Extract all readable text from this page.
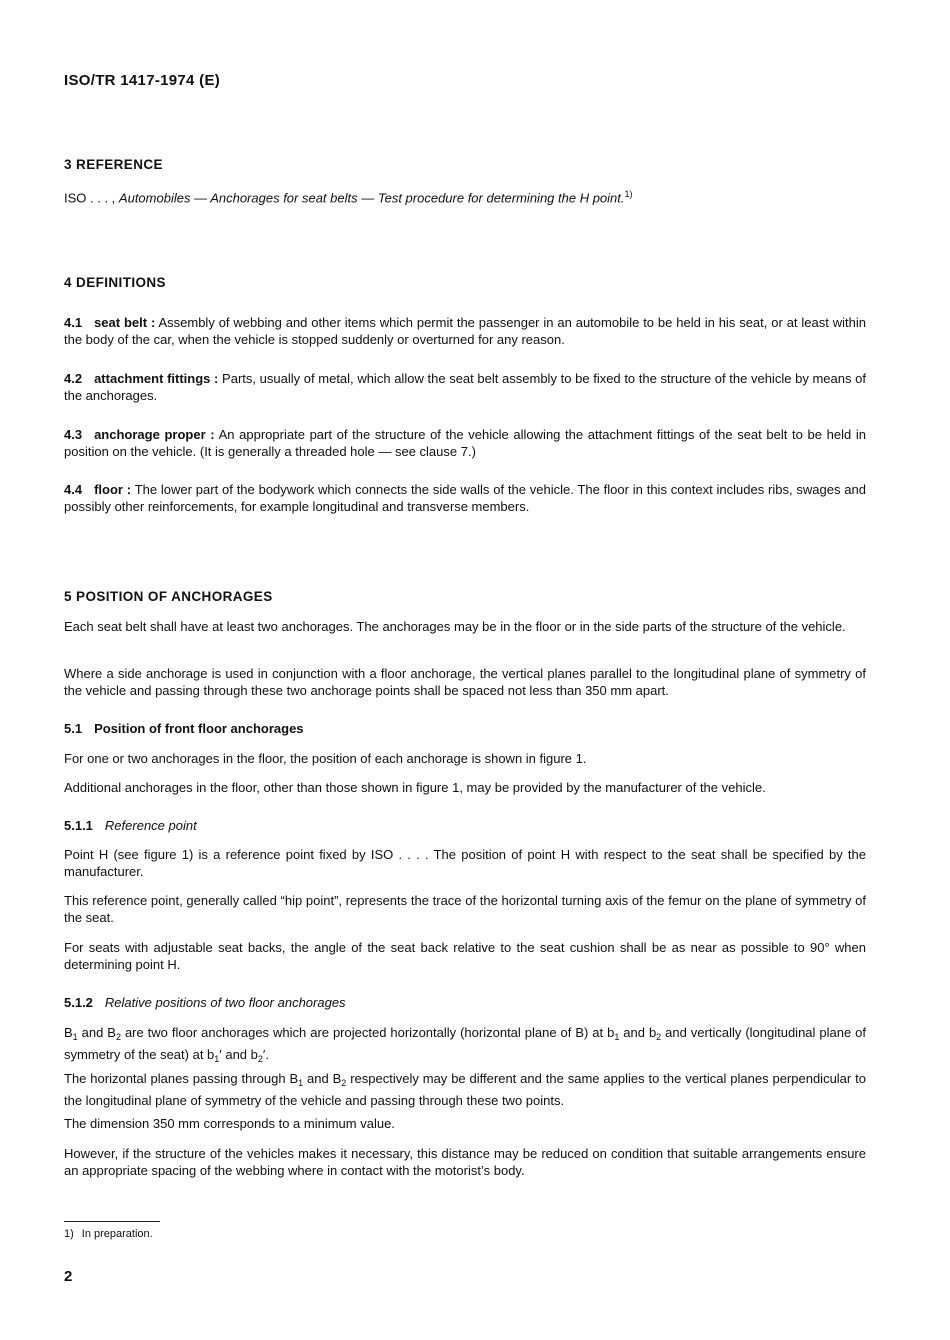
ISO/TR 1417-1974 (E)
3 REFERENCE
ISO . . . , Automobiles — Anchorages for seat belts — Test procedure for determining the H point.$^{1)}$
4 DEFINITIONS
4.1 seat belt : Assembly of webbing and other items which permit the passenger in an automobile to be held in his seat, or at least within the body of the car, when the vehicle is stopped suddenly or overturned for any reason.
4.2 attachment fittings : Parts, usually of metal, which allow the seat belt assembly to be fixed to the structure of the vehicle by means of the anchorages.
4.3 anchorage proper : An appropriate part of the structure of the vehicle allowing the attachment fittings of the seat belt to be held in position on the vehicle. (It is generally a threaded hole — see clause 7.)
4.4 floor : The lower part of the bodywork which connects the side walls of the vehicle. The floor in this context includes ribs, swages and possibly other reinforcements, for example longitudinal and transverse members.
5 POSITION OF ANCHORAGES
Each seat belt shall have at least two anchorages. The anchorages may be in the floor or in the side parts of the structure of the vehicle.
Where a side anchorage is used in conjunction with a floor anchorage, the vertical planes parallel to the longitudinal plane of symmetry of the vehicle and passing through these two anchorage points shall be spaced not less than 350 mm apart.
5.1 Position of front floor anchorages
For one or two anchorages in the floor, the position of each anchorage is shown in figure 1.
Additional anchorages in the floor, other than those shown in figure 1, may be provided by the manufacturer of the vehicle.
5.1.1 Reference point
Point H (see figure 1) is a reference point fixed by ISO . . . . The position of point H with respect to the seat shall be specified by the manufacturer.
This reference point, generally called “hip point”, represents the trace of the horizontal turning axis of the femur on the plane of symmetry of the seat.
For seats with adjustable seat backs, the angle of the seat back relative to the seat cushion shall be as near as possible to 90° when determining point H.
5.1.2 Relative positions of two floor anchorages
$B_1$ and $B_2$ are two floor anchorages which are projected horizontally (horizontal plane of B) at $b_1$ and $b_2$ and vertically (longitudinal plane of symmetry of the seat) at $b_1'$ and $b_2'$.
The horizontal planes passing through $B_1$ and $B_2$ respectively may be different and the same applies to the vertical planes perpendicular to the longitudinal plane of symmetry of the vehicle and passing through these two points.
The dimension 350 mm corresponds to a minimum value.
However, if the structure of the vehicles makes it necessary, this distance may be reduced on condition that suitable arrangements ensure an appropriate spacing of the webbing where in contact with the motorist’s body.
1) In preparation.
2
